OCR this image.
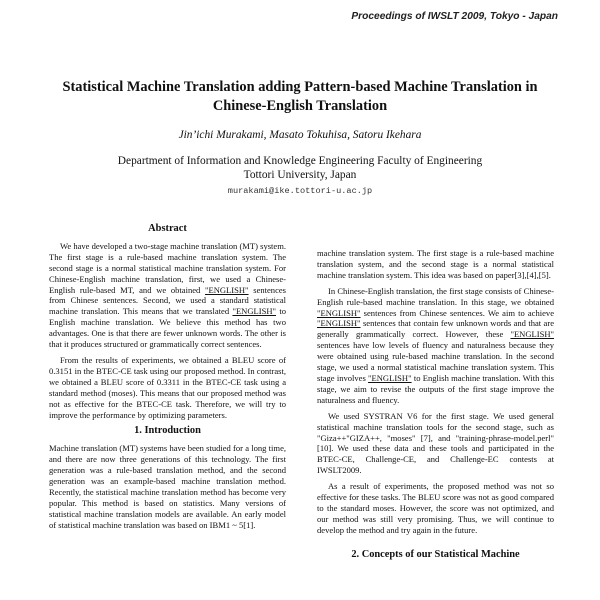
Proceedings of IWSLT 2009, Tokyo - Japan
Statistical Machine Translation adding Pattern-based Machine Translation in Chinese-English Translation
Jin’ichi Murakami, Masato Tokuhisa, Satoru Ikehara
Department of Information and Knowledge Engineering Faculty of Engineering
Tottori University, Japan
murakami@ike.tottori-u.ac.jp
Abstract

We have developed a two-stage machine translation (MT) system. The first stage is a rule-based machine translation system. The second stage is a normal statistical machine translation system. For Chinese-English machine translation, first, we used a Chinese-English rule-based MT, and we obtained "ENGLISH" sentences from Chinese sentences. Second, we used a standard statistical machine translation. This means that we translated "ENGLISH" to English machine translation. We believe this method has two advantages. One is that there are fewer unknown words. The other is that it produces structured or grammatically correct sentences.

From the results of experiments, we obtained a BLEU score of 0.3151 in the BTEC-CE task using our proposed method. In contrast, we obtained a BLEU score of 0.3311 in the BTEC-CE task using a standard method (moses). This means that our proposed method was not as effective for the BTEC-CE task. Therefore, we will try to improve the performance by optimizing parameters.

1. Introduction

Machine translation (MT) systems have been studied for a long time, and there are now three generations of this technology. The first generation was a rule-based translation method, and the second generation was an example-based machine translation method. Recently, the statistical machine translation method has become very popular. This method is based on statistics. Many versions of statistical machine translation models are available. An early model of statistical machine translation was based on IBM1 ~ 5[1].

machine translation system. The first stage is a rule-based machine translation system, and the second stage is a normal statistical machine translation system. This idea was based on paper[3],[4],[5].

In Chinese-English translation, the first stage consists of Chinese-English rule-based machine translation. In this stage, we obtained "ENGLISH" sentences from Chinese sentences. We aim to achieve "ENGLISH" sentences that contain few unknown words and that are generally grammatically correct. However, these "ENGLISH" sentences have low levels of fluency and naturalness because they were obtained using rule-based machine translation. In the second stage, we used a normal statistical machine translation system. This stage involves "ENGLISH" to English machine translation. With this stage, we aim to revise the outputs of the first stage improve the naturalness and fluency.

We used SYSTRAN V6 for the first stage. We used general statistical machine translation tools for the second stage, such as "Giza++"GIZA++, "moses" [7], and "training-phrase-model.perl" [10]. We used these data and these tools and participated in the BTEC-CE, Challenge-CE, and Challenge-EC contests at IWSLT2009.

As a result of experiments, the proposed method was not so effective for these tasks. The BLEU score was not as good compared to the standard moses. However, the score was not optimized, and our method was still very promising. Thus, we will continue to develop the method and try again in the future.

2. Concepts of our Statistical Machine
